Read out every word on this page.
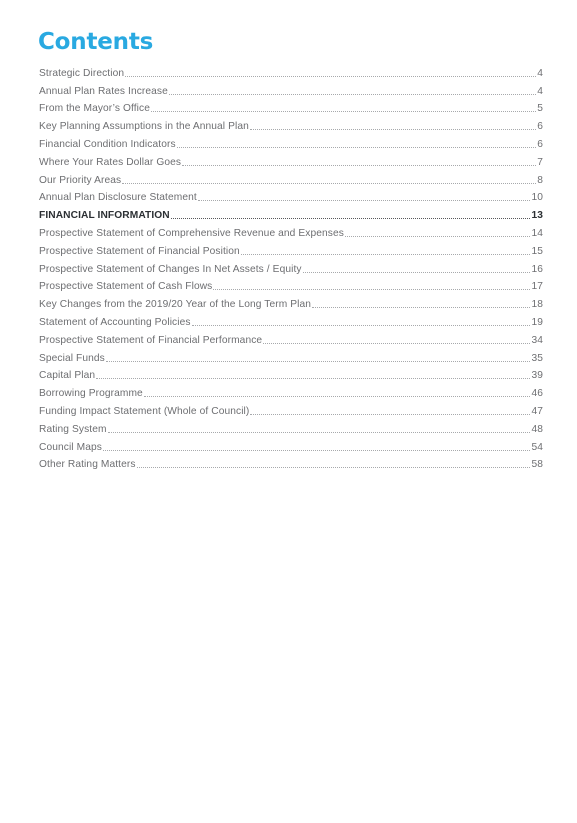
Contents
Strategic Direction	4
Annual Plan Rates Increase	4
From the Mayor’s Office	5
Key Planning Assumptions in the Annual Plan	6
Financial Condition Indicators	6
Where Your Rates Dollar Goes	7
Our Priority Areas	8
Annual Plan Disclosure Statement	10
FINANCIAL INFORMATION	13
Prospective Statement of Comprehensive Revenue and Expenses	14
Prospective Statement of Financial Position	15
Prospective Statement of Changes In Net Assets / Equity	16
Prospective Statement of Cash Flows	17
Key Changes from the 2019/20 Year of the Long Term Plan	18
Statement of Accounting Policies	19
Prospective Statement of Financial Performance	34
Special Funds	35
Capital Plan	39
Borrowing Programme	46
Funding Impact Statement (Whole of Council)	47
Rating System	48
Council Maps	54
Other Rating Matters	58
